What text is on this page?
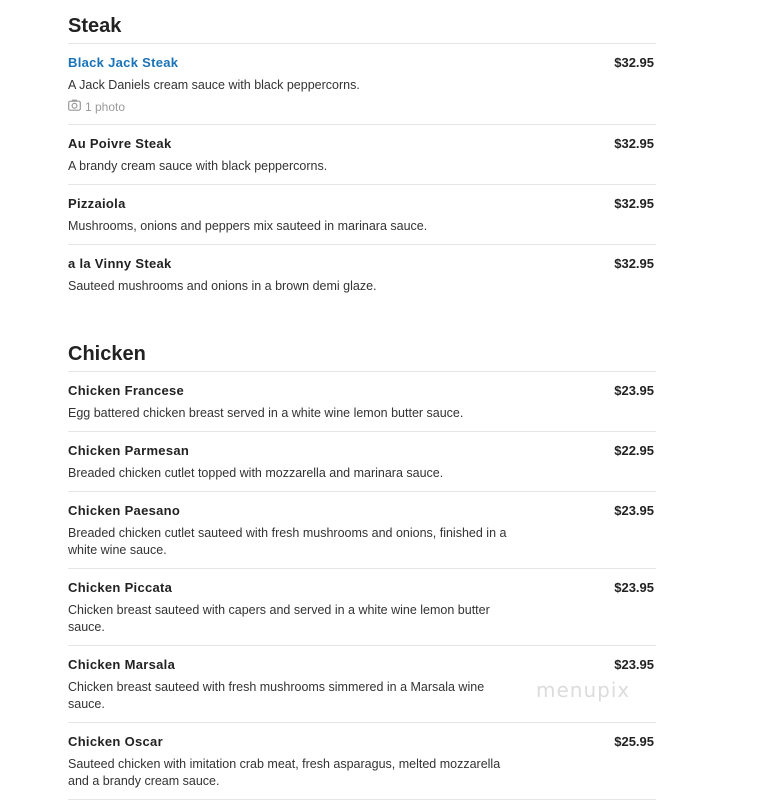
Steak
Black Jack Steak	$32.95
A Jack Daniels cream sauce with black peppercorns.
1 photo
Au Poivre Steak	$32.95
A brandy cream sauce with black peppercorns.
Pizzaiola	$32.95
Mushrooms, onions and peppers mix sauteed in marinara sauce.
a la Vinny Steak	$32.95
Sauteed mushrooms and onions in a brown demi glaze.
Chicken
Chicken Francese	$23.95
Egg battered chicken breast served in a white wine lemon butter sauce.
Chicken Parmesan	$22.95
Breaded chicken cutlet topped with mozzarella and marinara sauce.
Chicken Paesano	$23.95
Breaded chicken cutlet sauteed with fresh mushrooms and onions, finished in a white wine sauce.
Chicken Piccata	$23.95
Chicken breast sauteed with capers and served in a white wine lemon butter sauce.
Chicken Marsala	$23.95
Chicken breast sauteed with fresh mushrooms simmered in a Marsala wine sauce.
Chicken Oscar	$25.95
Sauteed chicken with imitation crab meat, fresh asparagus, melted mozzarella and a brandy cream sauce.
menupix
